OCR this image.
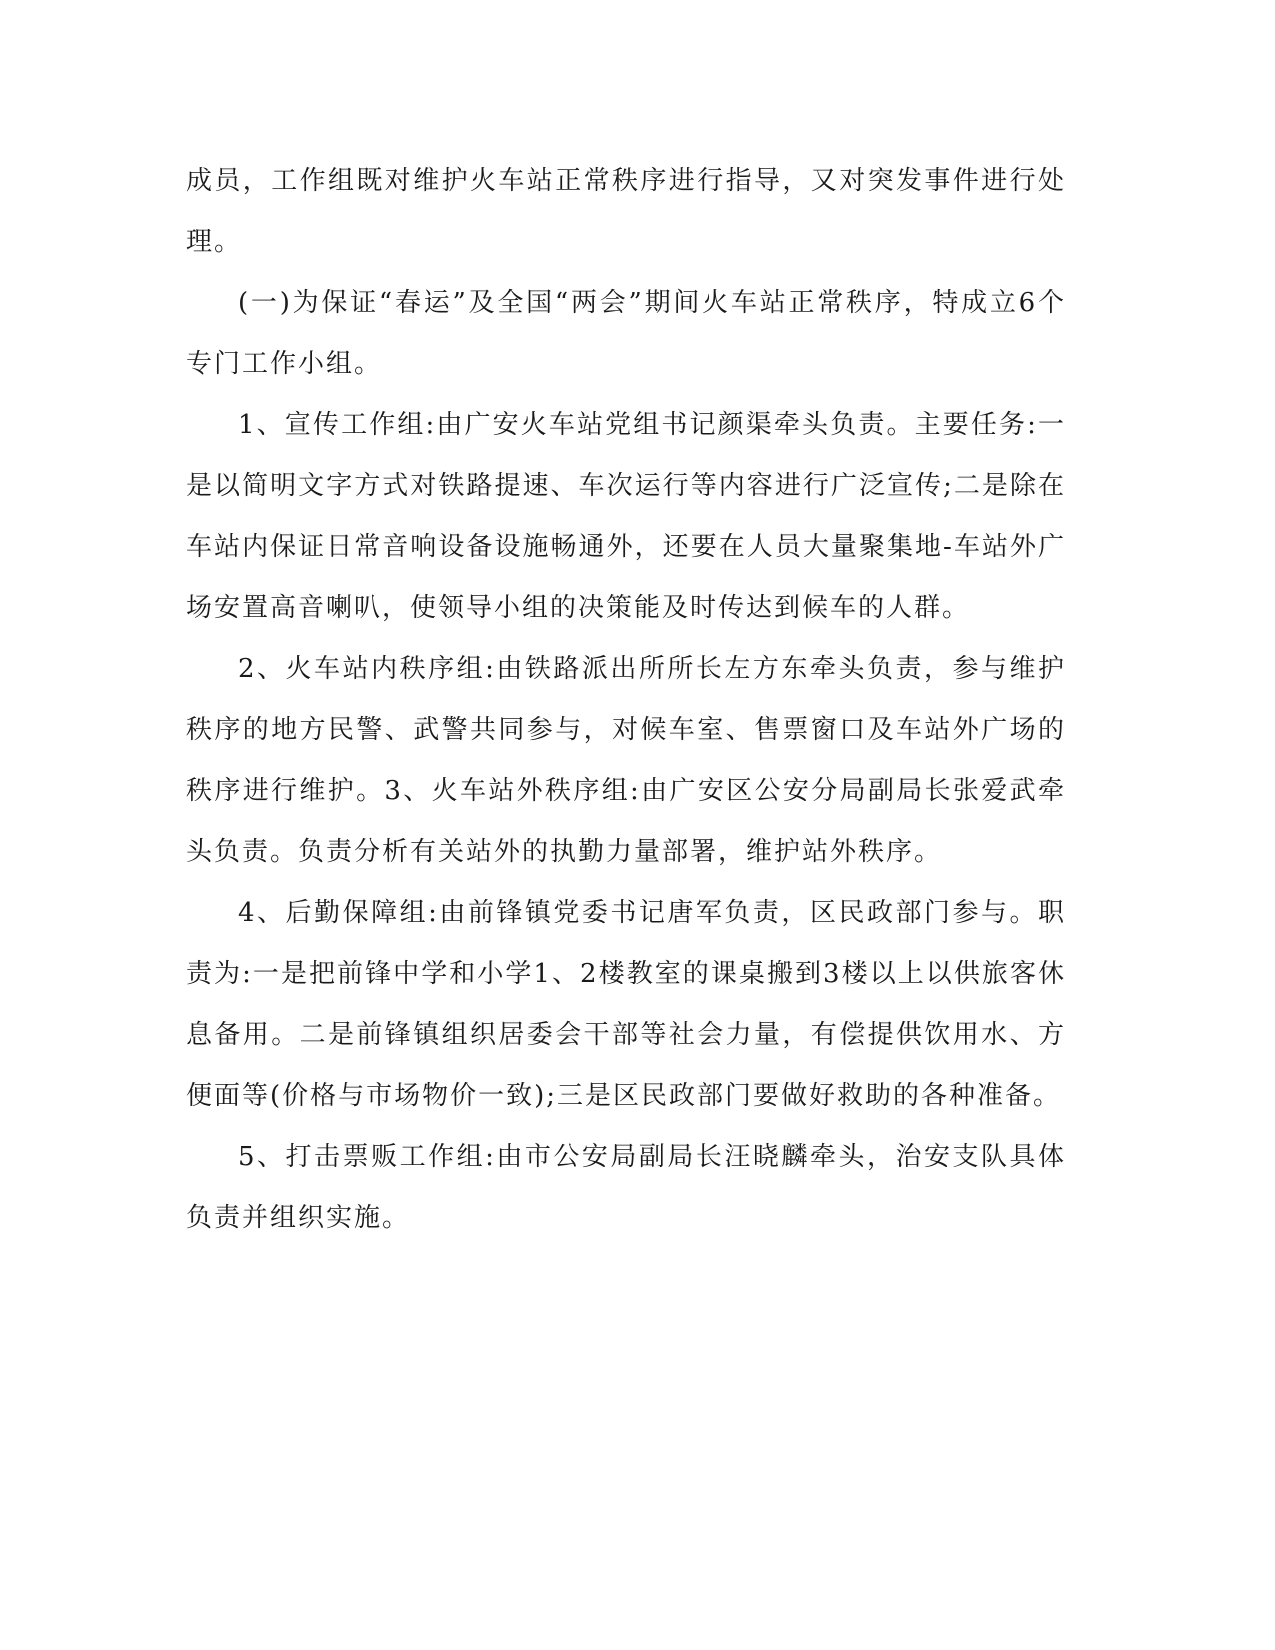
成员，工作组既对维护火车站正常秩序进行指导，又对突发事件进行处理。

(一)为保证“春运”及全国“两会”期间火车站正常秩序，特成立6个专门工作小组。

1、宣传工作组:由广安火车站党组书记颜渠牵头负责。主要任务:一是以简明文字方式对铁路提速、车次运行等内容进行广泛宣传;二是除在车站内保证日常音响设备设施畅通外，还要在人员大量聚集地-车站外广场安置高音喇叭，使领导小组的决策能及时传达到候车的人群。

2、火车站内秩序组:由铁路派出所所长左方东牵头负责，参与维护秩序的地方民警、武警共同参与，对候车室、售票窗口及车站外广场的秩序进行维护。3、火车站外秩序组:由广安区公安分局副局长张爱武牵头负责。负责分析有关站外的执勤力量部署，维护站外秩序。

4、后勤保障组:由前锋镇党委书记唐军负责，区民政部门参与。职责为:一是把前锋中学和小学1、2楼教室的课桌搬到3楼以上以供旅客休息备用。二是前锋镇组织居委会干部等社会力量，有偿提供饮用水、方便面等(价格与市场物价一致);三是区民政部门要做好救助的各种准备。

5、打击票贩工作组:由市公安局副局长汪晓麟牵头，治安支队具体负责并组织实施。
